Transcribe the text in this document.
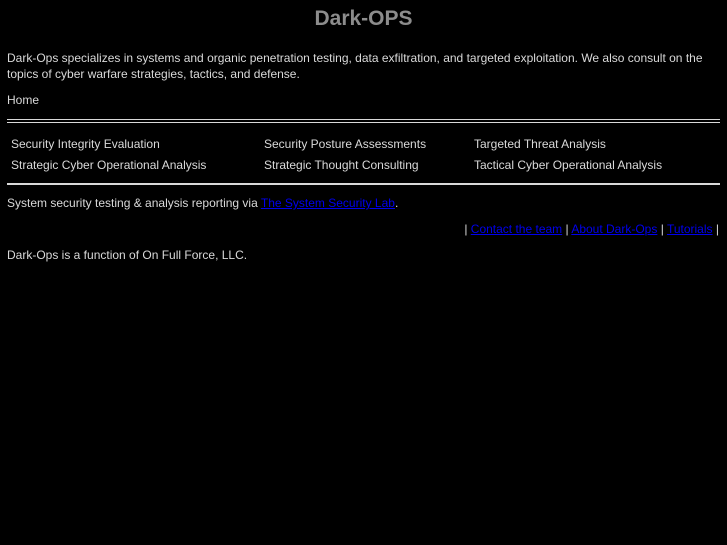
Dark-OPS
Dark-Ops specializes in systems and organic penetration testing, data exfiltration, and targeted exploitation. We also consult on the topics of cyber warfare strategies, tactics, and defense.
Home
Security Integrity Evaluation	Security Posture Assessments	Targeted Threat Analysis
Strategic Cyber Operational Analysis	Strategic Thought Consulting	Tactical Cyber Operational Analysis
System security testing & analysis reporting via The System Security Lab.
| Contact the team | About Dark-Ops | Tutorials |
Dark-Ops is a function of On Full Force, LLC.
